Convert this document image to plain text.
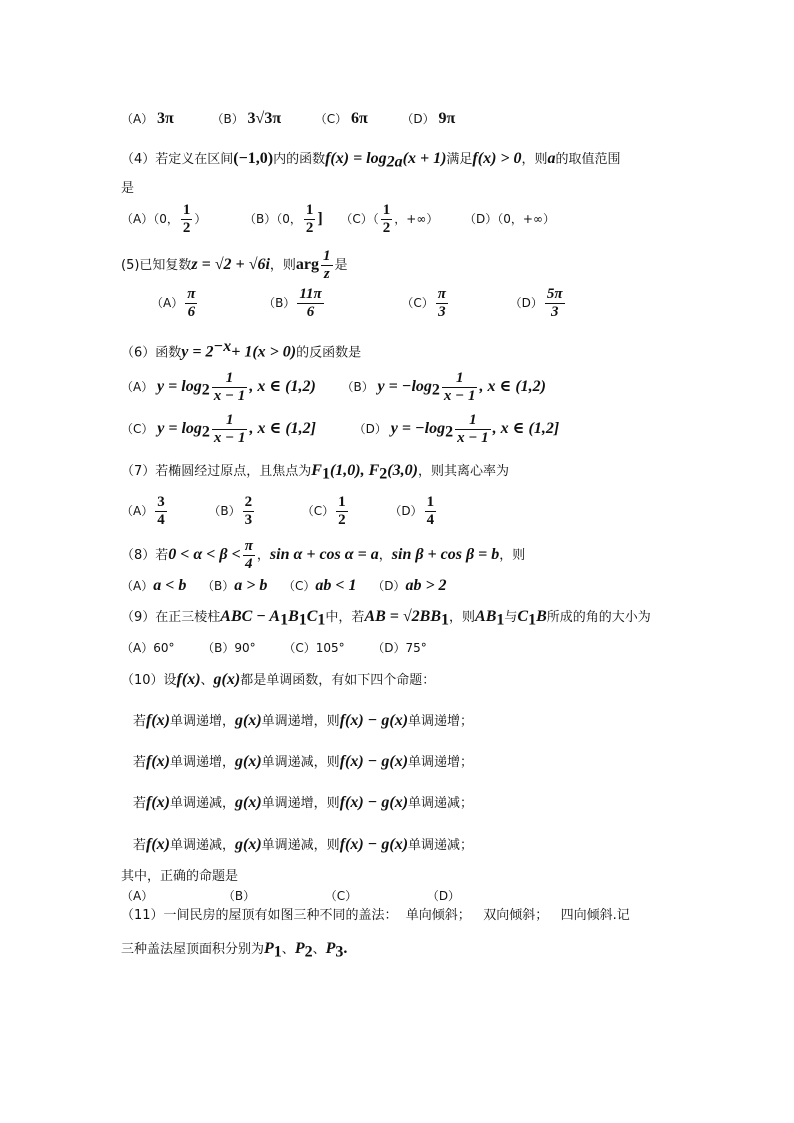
（A） 3π	（B） 3√3π	（C） 6π	（D） 9π
（4）若定义在区间(−1,0)内的函数$f(x) = \log_{2a}(x + 1)$满足f(x) > 0，则a的取值范围
是
（A）（0， $\frac{1}{2}$ ）	（B）（0， $\frac{1}{2}$ ] $(C)( \frac{1}{2}$ ，+∞） （D）（0，+∞）
(5)已知复数z = √2 + √6i，则arg $\frac{1}{z}$ 是
$(A) \frac{\pi}{6}$	$(B) \frac{11\pi}{6}$	$(C) \frac{\pi}{3}$	$(D) \frac{5\pi}{3}$
（6）函数$y = 2^{-x}+ 1(x > 0)$的反函数是
（A） $y = \log_2 \frac{1}{x - 1}$ , x ∈ (1,2) （B） $y = -\log_2 \frac{1}{x - 1}$ , x ∈ (1,2)
（C） $y = \log_2 \frac{1}{x - 1}$ , x ∈ (1,2]	（D） $y = -\log_2 \frac{1}{x - 1}$ , x ∈ (1,2]
（7）若椭圆经过原点，且焦点为$F_1(1,0)$, $F_2(3,0)$，则其离心率为
$(A) \frac{3}{4}$	$(B) \frac{2}{3}$	$(C) \frac{1}{2}$	$(D) \frac{1}{4}$
（8）若$0 < \alpha < \beta < \frac{\pi}{4}$ ，sin α + cos α = a，sin β + cos β = b，则
（A）a < b （B）a > b （C）ab < 1 （D）ab > 2
（9）在正三棱柱ABC − $A_1B_1C_1$中，若AB = $√2BB_1$，则$AB_1$与$C_1B$所成的角的大小为
（A）60° （B）90° （C）105° （D）75°
（10）设f(x)、g(x)都是单调函数，有如下四个命题：
若f(x)单调递增，g(x)单调递增，则f(x) − g(x)单调递增；
若f(x)单调递增，g(x)单调递减，则f(x) − g(x)单调递增；
若f(x)单调递减，g(x)单调递增，则f(x) − g(x)单调递减；
若f(x)单调递减，g(x)单调递减，则f(x) − g(x)单调递减；
其中，正确的命题是
（A）	（B）	（C）	（D）
（11）一间民房的屋顶有如图三种不同的盖法：  单向倾斜；   双向倾斜；   四向倾斜.记
三种盖法屋顶面积分别为$P_1$、$P_2$、$P_3$.
